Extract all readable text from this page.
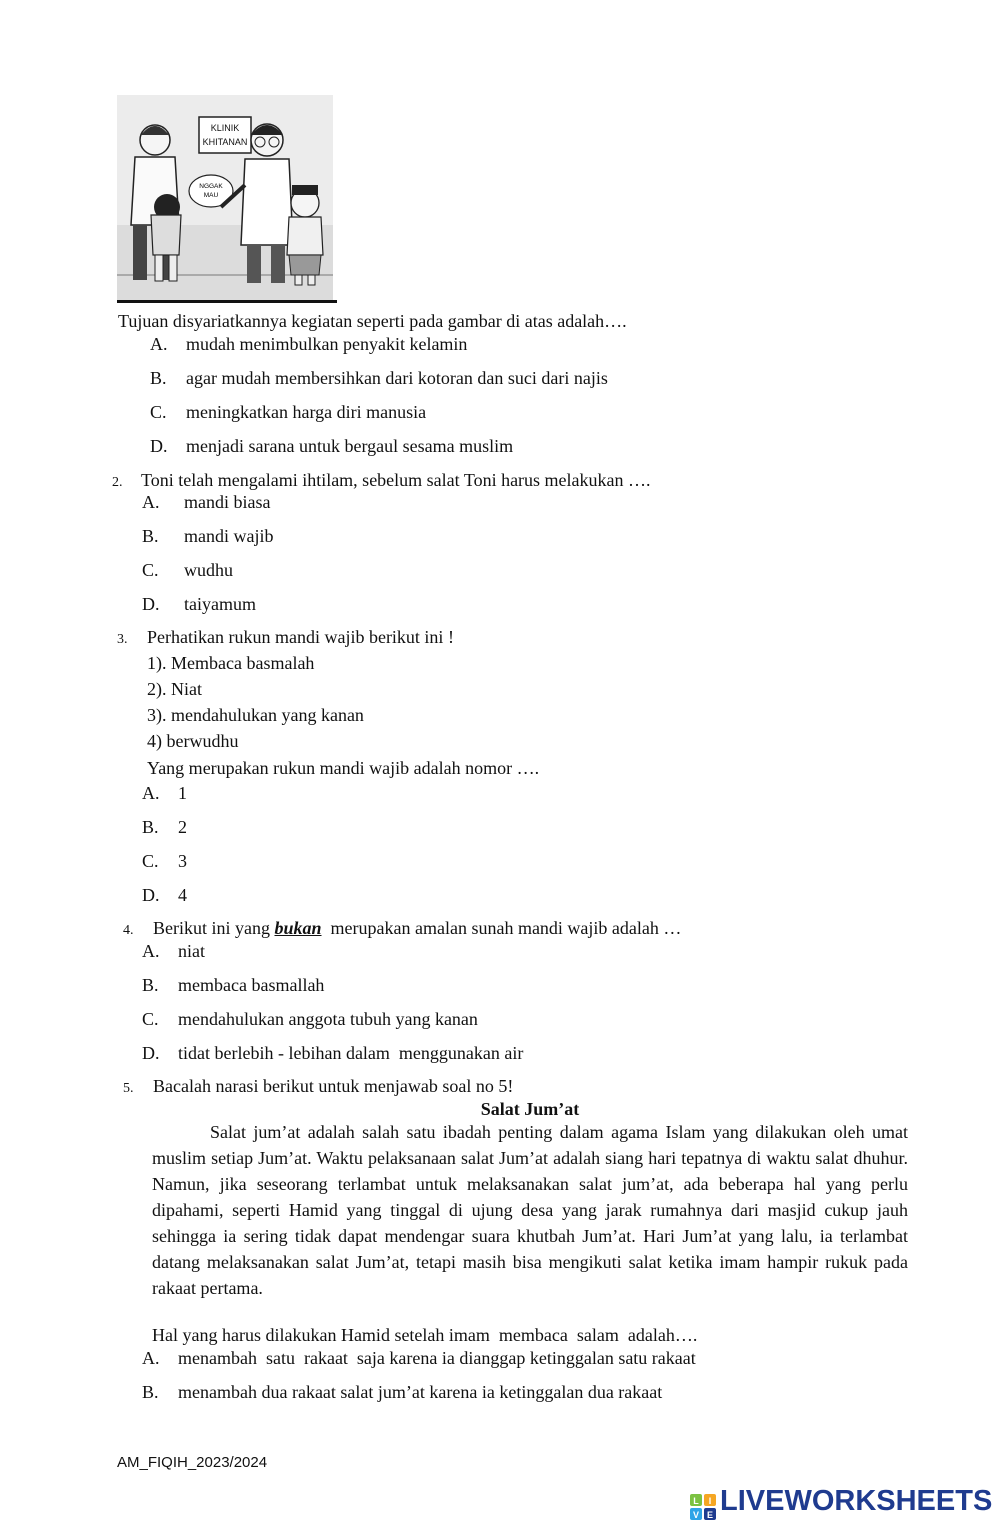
KLINIK
KHITANAN
NGGAK
MAU
Tujuan disyariatkannya kegiatan seperti pada gambar di atas adalah….
A. mudah menimbulkan penyakit kelamin
B. agar mudah membersihkan dari kotoran dan suci dari najis
C. meningkatkan harga diri manusia
D. menjadi sarana untuk bergaul sesama muslim
2. Toni telah mengalami ihtilam, sebelum salat Toni harus melakukan ….
A. mandi biasa
B. mandi wajib
C. wudhu
D. taiyamum
3. Perhatikan rukun mandi wajib berikut ini !
1). Membaca basmalah
2). Niat
3). mendahulukan yang kanan
4) berwudhu
Yang merupakan rukun mandi wajib adalah nomor ….
A. 1
B. 2
C. 3
D. 4
4. Berikut ini yang bukan  merupakan amalan sunah mandi wajib adalah …
A. niat
B. membaca basmallah
C. mendahulukan anggota tubuh yang kanan
D. tidat berlebih - lebihan dalam  menggunakan air
5. Bacalah narasi berikut untuk menjawab soal no 5!
Salat Jum’at
Salat jum’at adalah salah satu ibadah penting dalam agama Islam yang dilakukan oleh umat muslim setiap Jum’at. Waktu pelaksanaan salat Jum’at adalah siang hari tepatnya di waktu salat dhuhur. Namun, jika seseorang terlambat untuk melaksanakan salat jum’at, ada beberapa hal yang perlu dipahami, seperti Hamid yang tinggal di ujung desa yang jarak rumahnya dari masjid cukup jauh sehingga ia sering tidak dapat mendengar suara khutbah Jum’at. Hari Jum’at yang lalu, ia terlambat datang melaksanakan salat Jum’at, tetapi masih bisa mengikuti salat ketika imam hampir rukuk pada rakaat pertama.
Hal yang harus dilakukan Hamid setelah imam  membaca  salam  adalah….
A. menambah  satu  rakaat  saja karena ia dianggap ketinggalan satu rakaat
B. menambah dua rakaat salat jum’at karena ia ketinggalan dua rakaat
AM_FIQIH_2023/2024
L I
V E LIVEWORKSHEETS
